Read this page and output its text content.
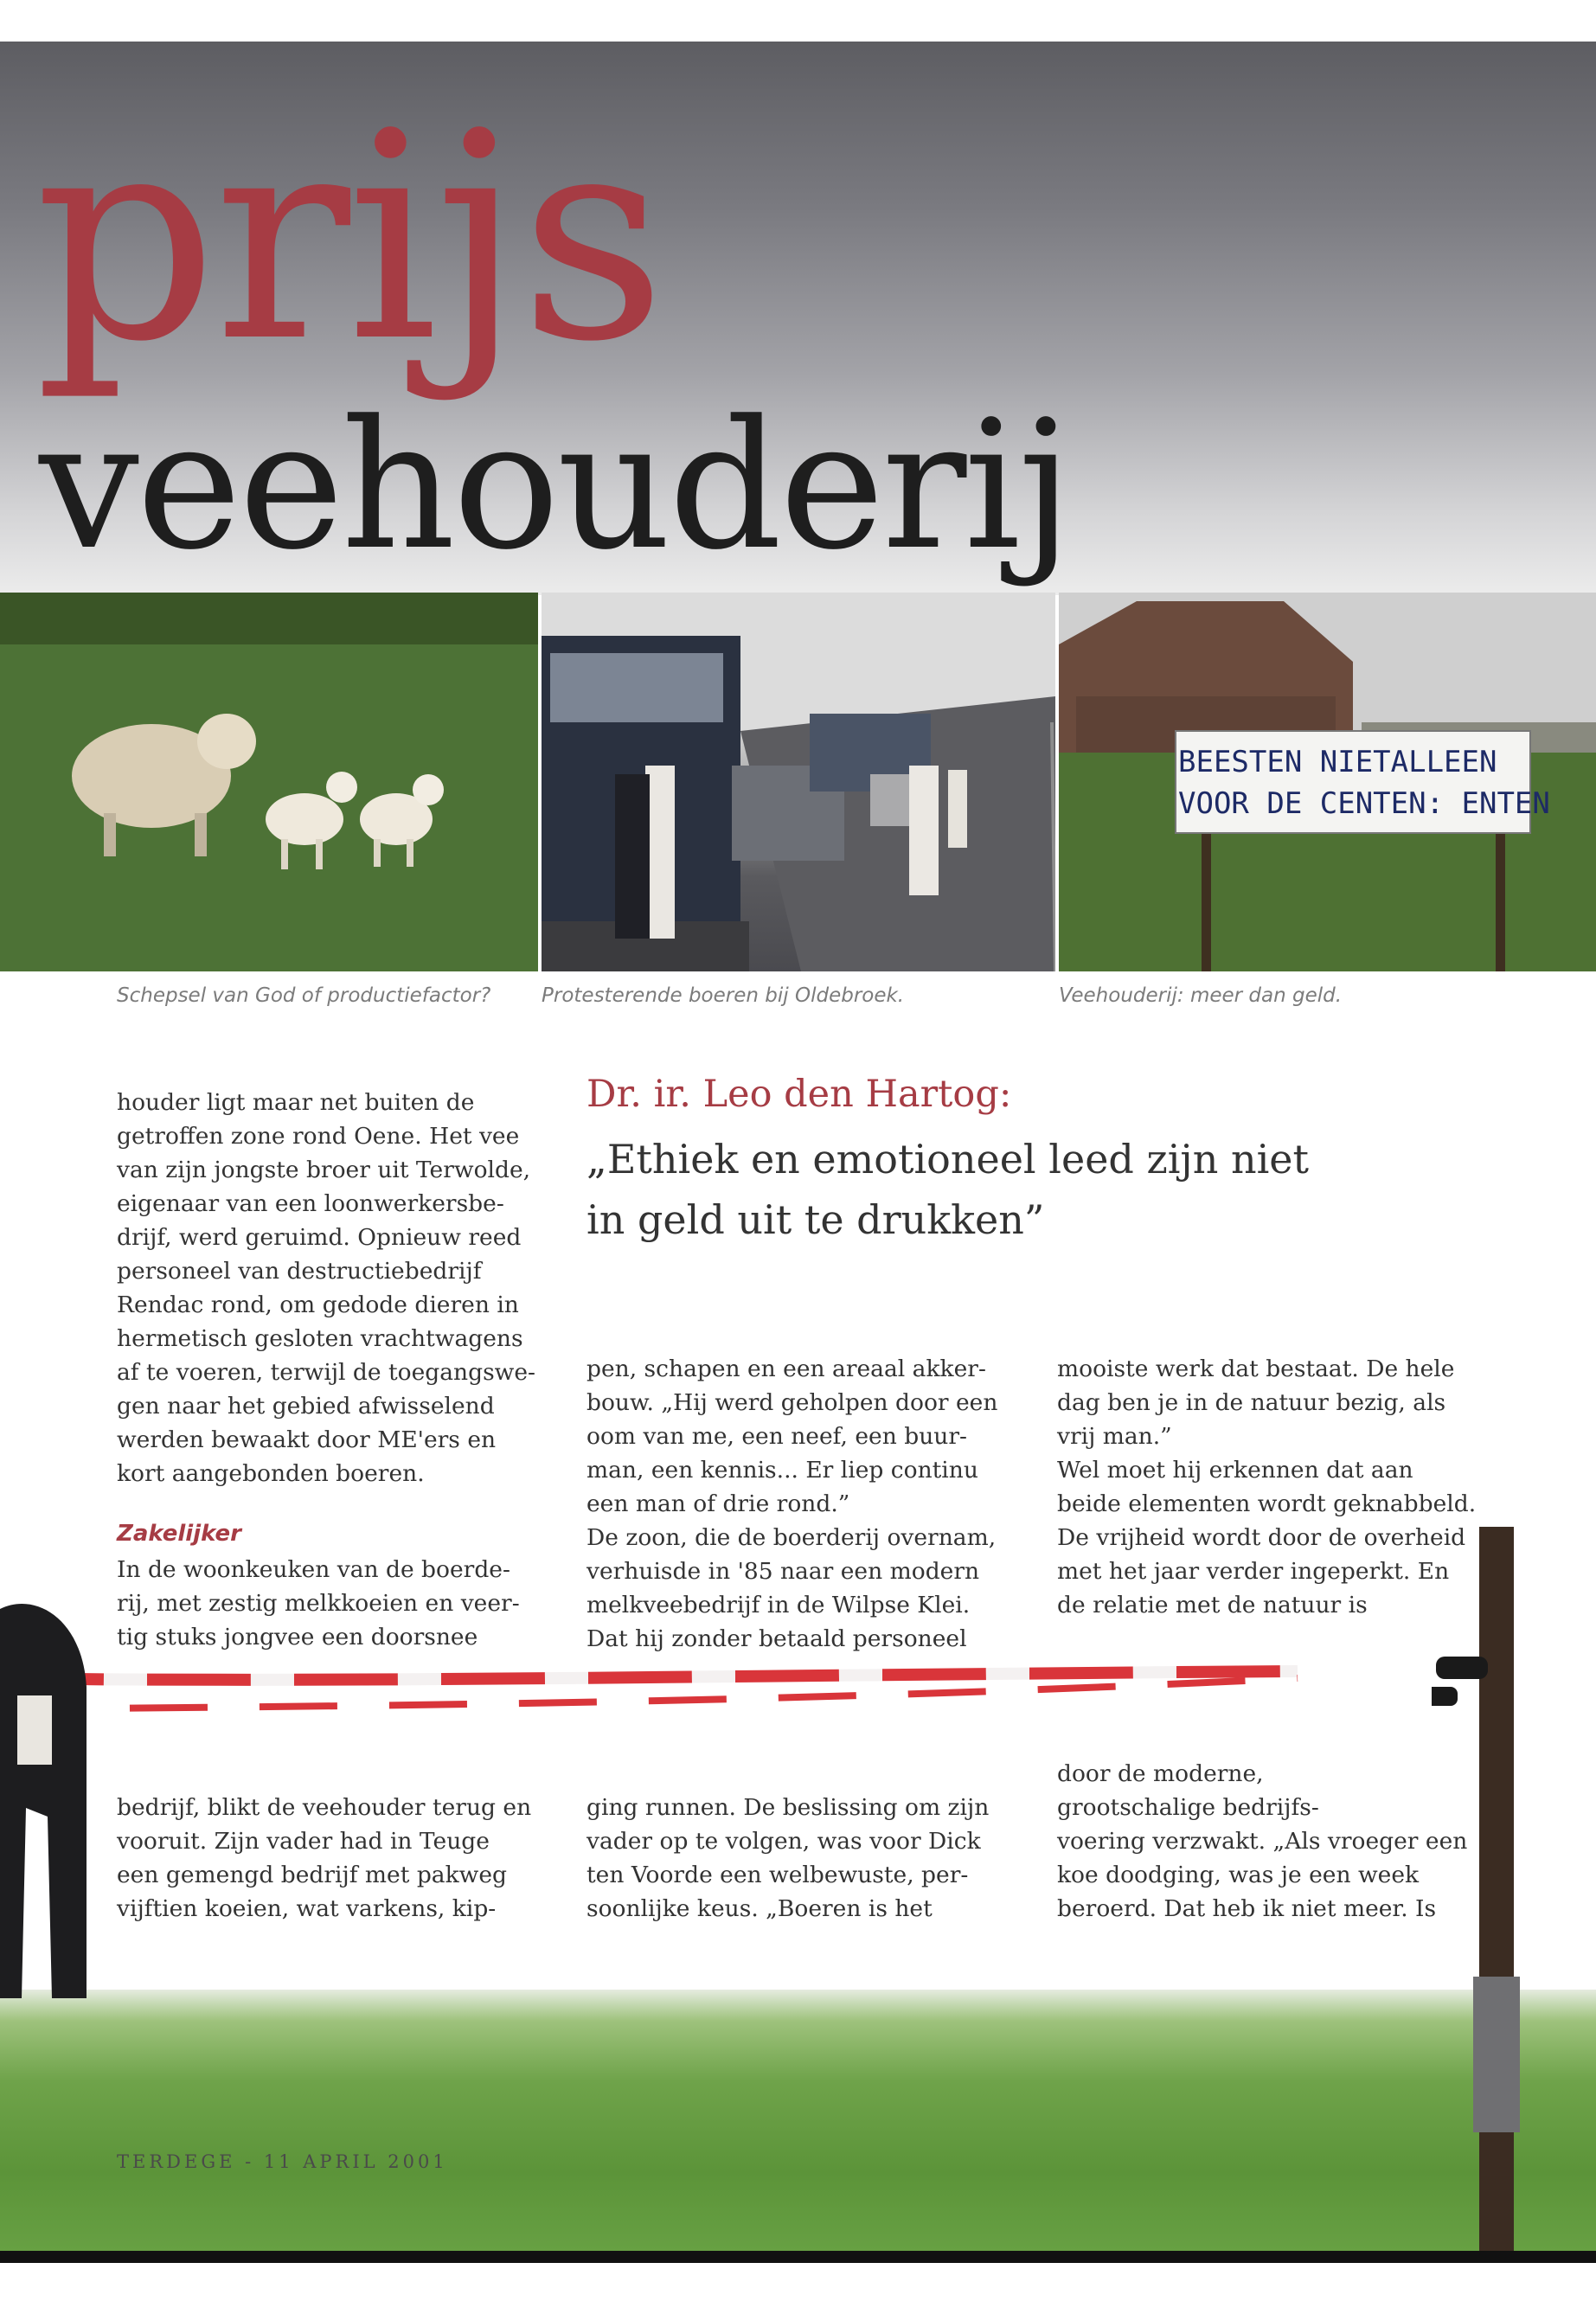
prijs
veehouderij
BEESTEN NIETALLEEN
VOOR DE CENTEN: ENTEN
Schepsel van God of productiefactor?	Protesterende boeren bij Oldebroek.	Veehouderij: meer dan geld.
Dr. ir. Leo den Hartog:
„Ethiek en emotioneel leed zijn niet
in geld uit te drukken”
houder ligt maar net buiten de
getroffen zone rond Oene. Het vee
van zijn jongste broer uit Terwolde,
eigenaar van een loonwerkersbe-
drijf, werd geruimd. Opnieuw reed
personeel van destructiebedrijf
Rendac rond, om gedode dieren in
hermetisch gesloten vrachtwagens
af te voeren, terwijl de toegangswe-
gen naar het gebied afwisselend
werden bewaakt door ME'ers en
kort aangebonden boeren.
Zakelijker
In de woonkeuken van de boerde-
rij, met zestig melkkoeien en veer-
tig stuks jongvee een doorsnee
pen, schapen en een areaal akker-
bouw. „Hij werd geholpen door een
oom van me, een neef, een buur-
man, een kennis... Er liep continu
een man of drie rond.”
De zoon, die de boerderij overnam,
verhuisde in '85 naar een modern
melkveebedrijf in de Wilpse Klei.
Dat hij zonder betaald personeel
mooiste werk dat bestaat. De hele
dag ben je in de natuur bezig, als
vrij man.”
Wel moet hij erkennen dat aan
beide elementen wordt geknabbeld.
De vrijheid wordt door de overheid
met het jaar verder ingeperkt. En
de relatie met de natuur is
bedrijf, blikt de veehouder terug en
vooruit. Zijn vader had in Teuge
een gemengd bedrijf met pakweg
vijftien koeien, wat varkens, kip-
ging runnen. De beslissing om zijn
vader op te volgen, was voor Dick
ten Voorde een welbewuste, per-
soonlijke keus. „Boeren is het
door de moderne,
grootschalige bedrijfs-
voering verzwakt. „Als vroeger een
koe doodging, was je een week
beroerd. Dat heb ik niet meer. Is
TERDEGE - 11 APRIL 2001
